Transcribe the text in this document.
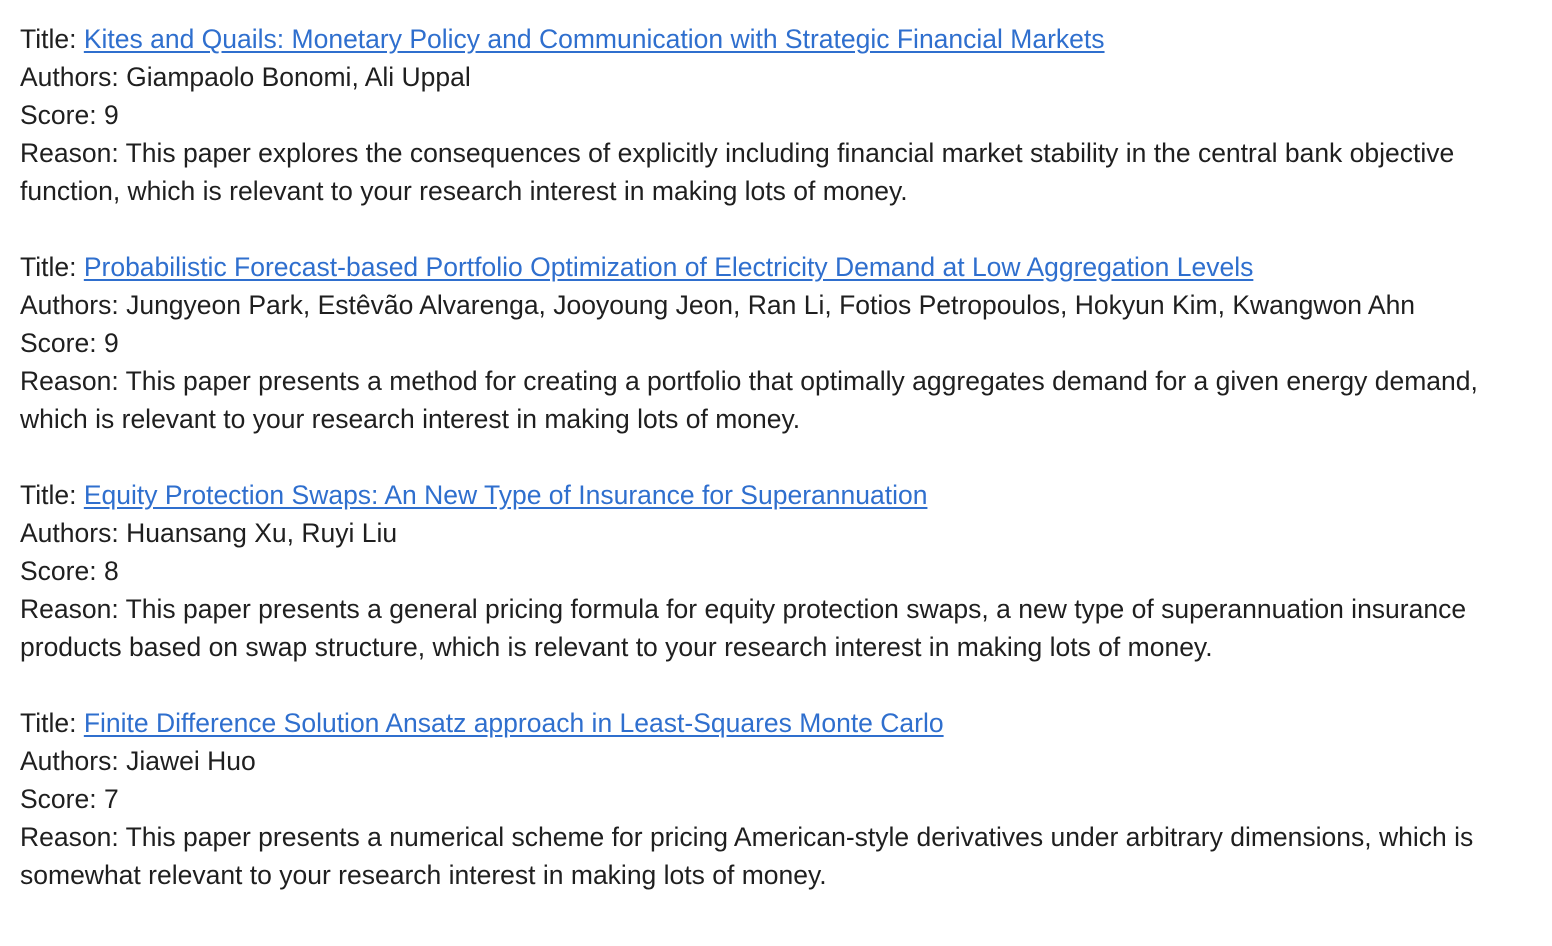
Title: Kites and Quails: Monetary Policy and Communication with Strategic Financial Markets
Authors: Giampaolo Bonomi, Ali Uppal
Score: 9
Reason: This paper explores the consequences of explicitly including financial market stability in the central bank objective function, which is relevant to your research interest in making lots of money.
Title: Probabilistic Forecast-based Portfolio Optimization of Electricity Demand at Low Aggregation Levels
Authors: Jungyeon Park, Estêvão Alvarenga, Jooyoung Jeon, Ran Li, Fotios Petropoulos, Hokyun Kim, Kwangwon Ahn
Score: 9
Reason: This paper presents a method for creating a portfolio that optimally aggregates demand for a given energy demand, which is relevant to your research interest in making lots of money.
Title: Equity Protection Swaps: An New Type of Insurance for Superannuation
Authors: Huansang Xu, Ruyi Liu
Score: 8
Reason: This paper presents a general pricing formula for equity protection swaps, a new type of superannuation insurance products based on swap structure, which is relevant to your research interest in making lots of money.
Title: Finite Difference Solution Ansatz approach in Least-Squares Monte Carlo
Authors: Jiawei Huo
Score: 7
Reason: This paper presents a numerical scheme for pricing American-style derivatives under arbitrary dimensions, which is somewhat relevant to your research interest in making lots of money.
